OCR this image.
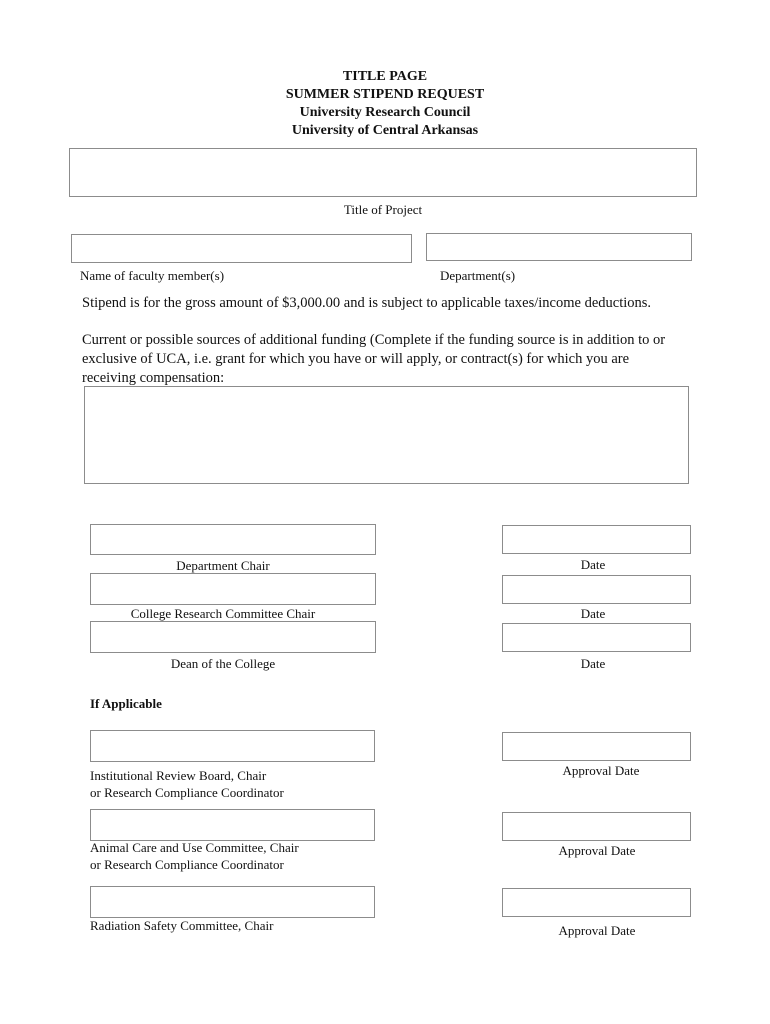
TITLE PAGE
SUMMER STIPEND REQUEST
University Research Council
University of Central Arkansas
Title of Project
Name of faculty member(s)	Department(s)
Stipend is for the gross amount of $3,000.00 and is subject to applicable taxes/income deductions.
Current or possible sources of additional funding (Complete if the funding source is in addition to or
exclusive of UCA, i.e. grant for which you have or will apply, or contract(s) for which you are
receiving compensation:
Department Chair	Date
College Research Committee Chair	Date
Dean of the College	Date
If Applicable
Institutional Review Board, Chair
or Research Compliance Coordinator
Approval Date
Animal Care and Use Committee, Chair
or Research Compliance Coordinator
Approval Date
Radiation Safety Committee, Chair	Approval Date
